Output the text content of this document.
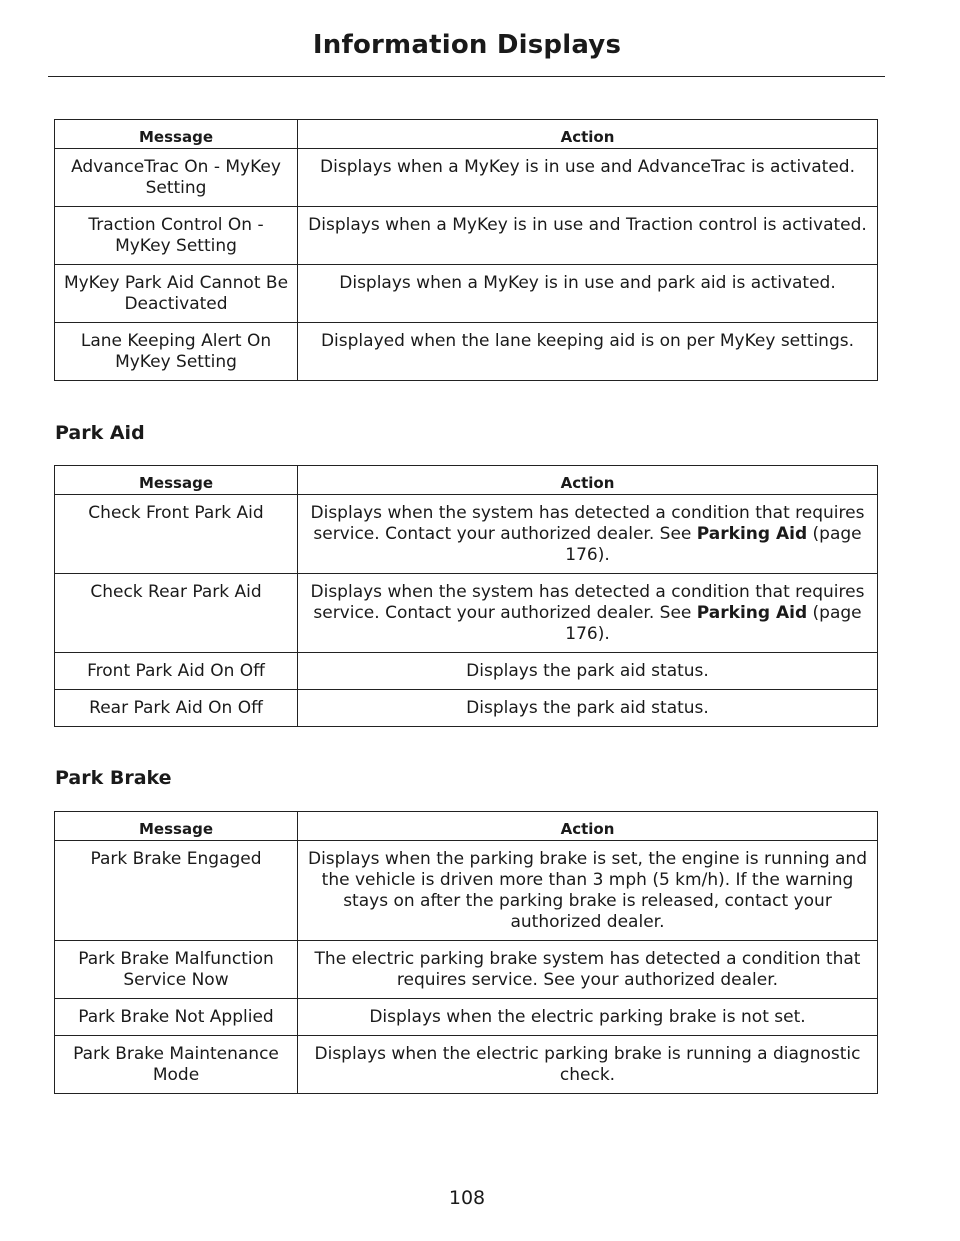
Information Displays
Message	Action
AdvanceTrac On - MyKey Setting	Displays when a MyKey is in use and AdvanceTrac is activated.
Traction Control On - MyKey Setting	Displays when a MyKey is in use and Traction control is activated.
MyKey Park Aid Cannot Be Deactivated	Displays when a MyKey is in use and park aid is activated.
Lane Keeping Alert On MyKey Setting	Displayed when the lane keeping aid is on per MyKey settings.
Park Aid
Message	Action
Check Front Park Aid	Displays when the system has detected a condition that requires service. Contact your authorized dealer. See Parking Aid (page 176).
Check Rear Park Aid	Displays when the system has detected a condition that requires service. Contact your authorized dealer. See Parking Aid (page 176).
Front Park Aid On Off	Displays the park aid status.
Rear Park Aid On Off	Displays the park aid status.
Park Brake
Message	Action
Park Brake Engaged	Displays when the parking brake is set, the engine is running and the vehicle is driven more than 3 mph (5 km/h). If the warning stays on after the parking brake is released, contact your authorized dealer.
Park Brake Malfunction Service Now	The electric parking brake system has detected a condition that requires service. See your authorized dealer.
Park Brake Not Applied	Displays when the electric parking brake is not set.
Park Brake Maintenance Mode	Displays when the electric parking brake is running a diagnostic check.
108
